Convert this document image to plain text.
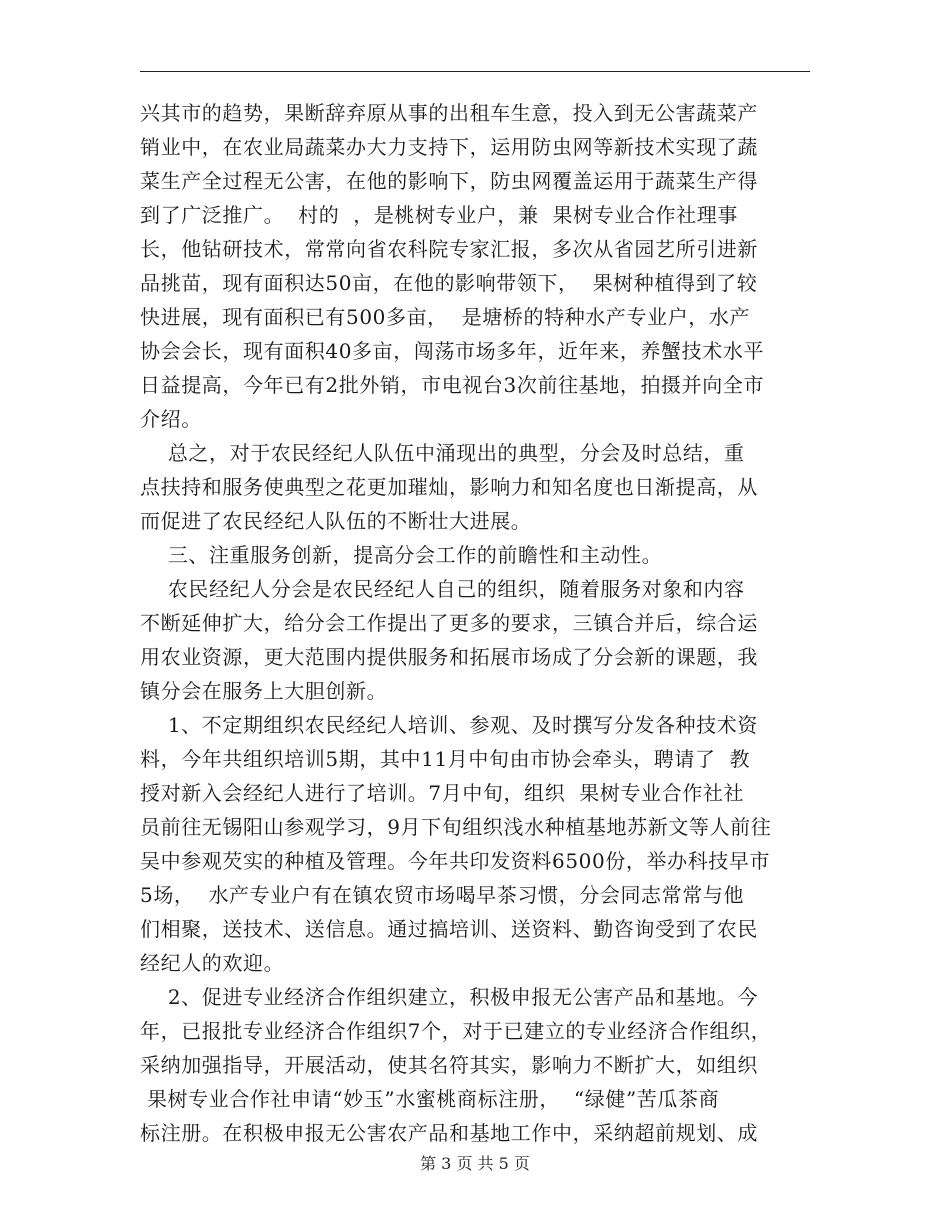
兴其市的趋势，果断辞弃原从事的出租车生意，投入到无公害蔬菜产
销业中，在农业局蔬菜办大力支持下，运用防虫网等新技术实现了蔬
菜生产全过程无公害，在他的影响下，防虫网覆盖运用于蔬菜生产得
到了广泛推广。  村的  ，是桃树专业户，兼  果树专业合作社理事
长，他钻研技术，常常向省农科院专家汇报，多次从省园艺所引进新
品挑苗，现有面积达50亩，在他的影响带领下，  果树种植得到了较
快进展，现有面积已有500多亩，  是塘桥的特种水产专业户，水产
协会会长，现有面积40多亩，闯荡市场多年，近年来，养蟹技术水平
日益提高，今年已有2批外销，市电视台3次前往基地，拍摄并向全市
介绍。
总之，对于农民经纪人队伍中涌现出的典型，分会及时总结，重
点扶持和服务使典型之花更加璀灿，影响力和知名度也日渐提高，从
而促进了农民经纪人队伍的不断壮大进展。
三、注重服务创新，提高分会工作的前瞻性和主动性。
农民经纪人分会是农民经纪人自己的组织，随着服务对象和内容
不断延伸扩大，给分会工作提出了更多的要求，三镇合并后，综合运
用农业资源，更大范围内提供服务和拓展市场成了分会新的课题，我
镇分会在服务上大胆创新。
1、不定期组织农民经纪人培训、参观、及时撰写分发各种技术资
料，今年共组织培训5期，其中11月中旬由市协会牵头，聘请了  教
授对新入会经纪人进行了培训。7月中旬，组织  果树专业合作社社
员前往无锡阳山参观学习，9月下旬组织浅水种植基地苏新文等人前往
吴中参观芡实的种植及管理。今年共印发资料6500份，举办科技早市
5场，  水产专业户有在镇农贸市场喝早茶习惯，分会同志常常与他
们相聚，送技术、送信息。通过搞培训、送资料、勤咨询受到了农民
经纪人的欢迎。
2、促进专业经济合作组织建立，积极申报无公害产品和基地。今
年，已报批专业经济合作组织7个，对于已建立的专业经济合作组织，
采纳加强指导，开展活动，使其名符其实，影响力不断扩大，如组织
果树专业合作社申请“妙玉”水蜜桃商标注册，  “绿健”苦瓜茶商
标注册。在积极申报无公害农产品和基地工作中，采纳超前规划、成
第 3 页 共 5 页
